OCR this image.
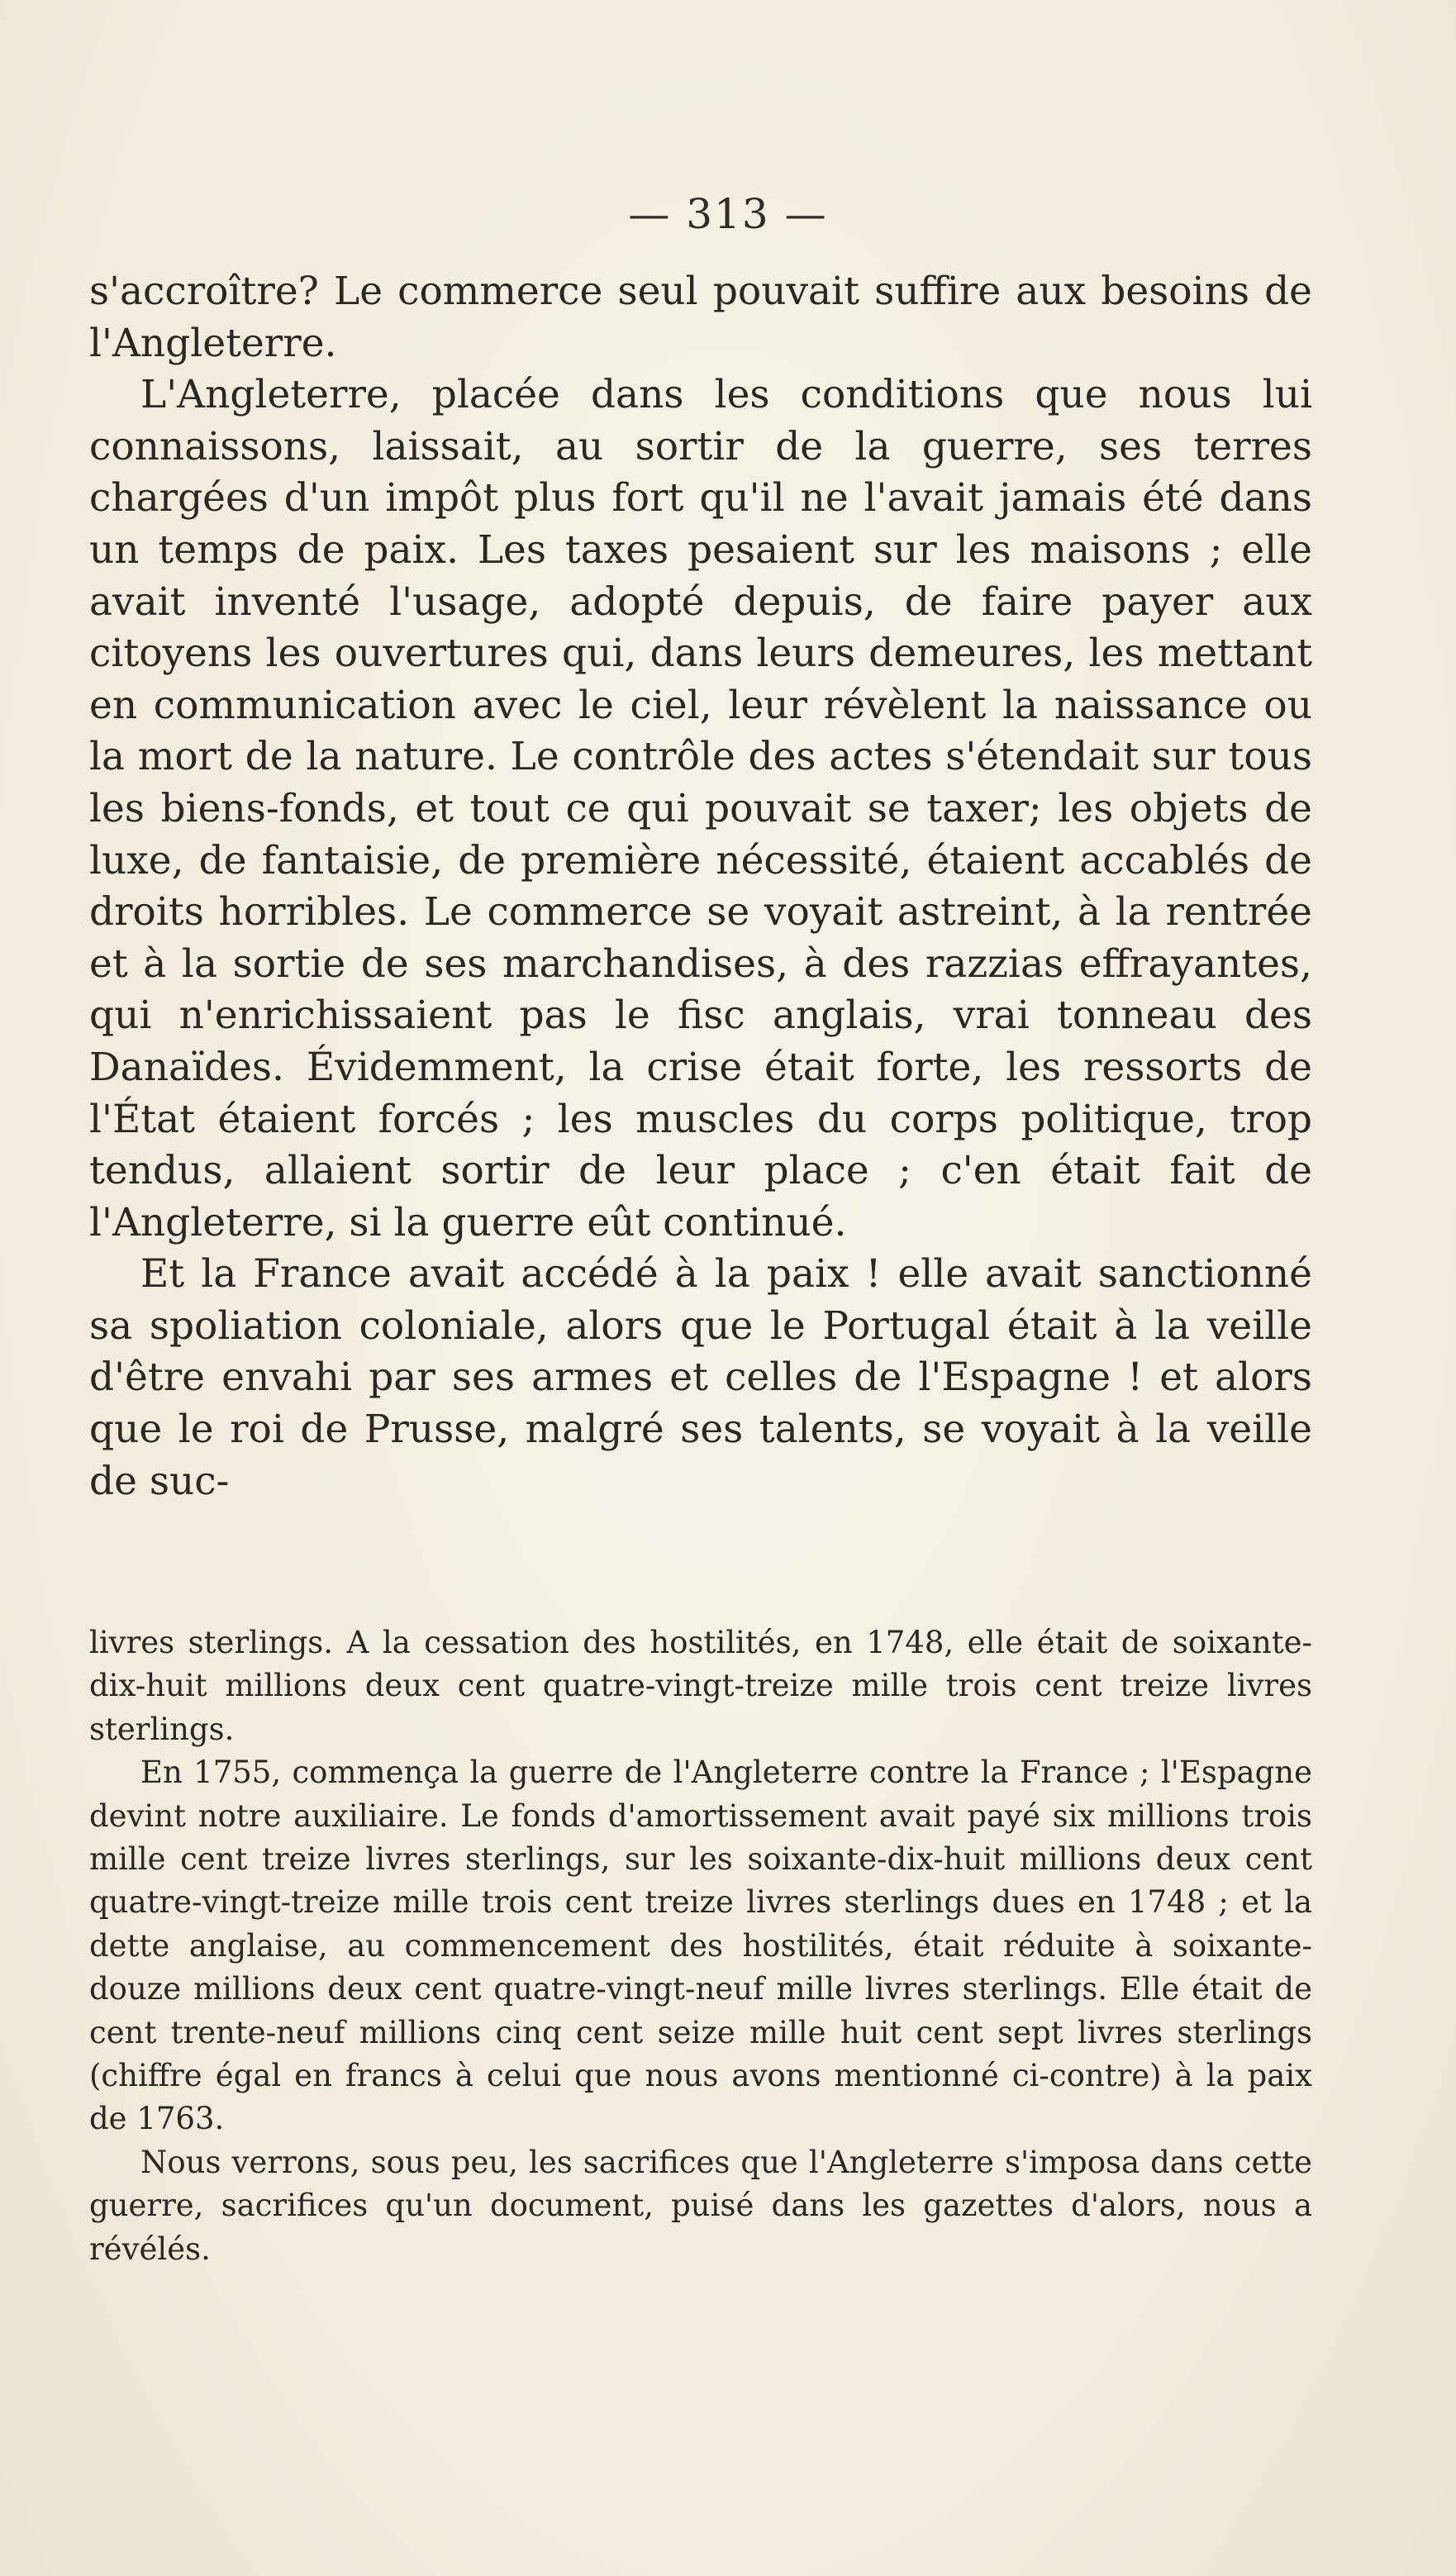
— 313 —

s'accroître? Le commerce seul pouvait suffire aux besoins de l'Angleterre.

L'Angleterre, placée dans les conditions que nous lui connaissons, laissait, au sortir de la guerre, ses terres chargées d'un impôt plus fort qu'il ne l'avait jamais été dans un temps de paix. Les taxes pesaient sur les maisons ; elle avait inventé l'usage, adopté depuis, de faire payer aux citoyens les ouvertures qui, dans leurs demeures, les mettant en communication avec le ciel, leur révèlent la naissance ou la mort de la nature. Le contrôle des actes s'étendait sur tous les biens-fonds, et tout ce qui pouvait se taxer; les objets de luxe, de fantaisie, de première nécessité, étaient accablés de droits horribles. Le commerce se voyait astreint, à la rentrée et à la sortie de ses marchandises, à des razzias effrayantes, qui n'enrichissaient pas le fisc anglais, vrai tonneau des Danaïdes. Évidemment, la crise était forte, les ressorts de l'État étaient forcés ; les muscles du corps politique, trop tendus, allaient sortir de leur place ; c'en était fait de l'Angleterre, si la guerre eût continué.

Et la France avait accédé à la paix ! elle avait sanctionné sa spoliation coloniale, alors que le Portugal était à la veille d'être envahi par ses armes et celles de l'Espagne ! et alors que le roi de Prusse, malgré ses talents, se voyait à la veille de suc-

livres sterlings. A la cessation des hostilités, en 1748, elle était de soixante-dix-huit millions deux cent quatre-vingt-treize mille trois cent treize livres sterlings.

En 1755, commença la guerre de l'Angleterre contre la France ; l'Espagne devint notre auxiliaire. Le fonds d'amortissement avait payé six millions trois mille cent treize livres sterlings, sur les soixante-dix-huit millions deux cent quatre-vingt-treize mille trois cent treize livres sterlings dues en 1748 ; et la dette anglaise, au commencement des hostilités, était réduite à soixante-douze millions deux cent quatre-vingt-neuf mille livres sterlings. Elle était de cent trente-neuf millions cinq cent seize mille huit cent sept livres sterlings (chiffre égal en francs à celui que nous avons mentionné ci-contre) à la paix de 1763.

Nous verrons, sous peu, les sacrifices que l'Angleterre s'imposa dans cette guerre, sacrifices qu'un document, puisé dans les gazettes d'alors, nous a révélés.
